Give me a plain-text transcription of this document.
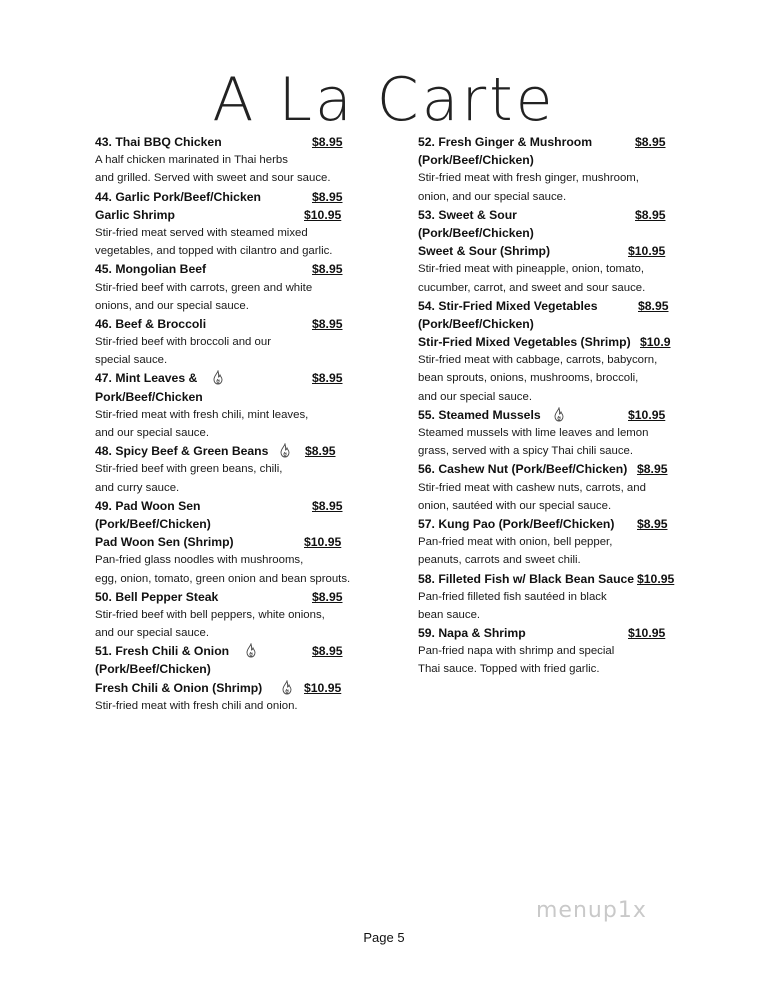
A La Carte
43. Thai BBQ Chicken	$8.95
A half chicken marinated in Thai herbs
and grilled. Served with sweet and sour sauce.
44. Garlic Pork/Beef/Chicken	$8.95
Garlic Shrimp	$10.95
Stir-fried meat served with steamed mixed
vegetables, and topped with cilantro and garlic.
45. Mongolian Beef	$8.95
Stir-fried beef with carrots, green and white
onions, and our special sauce.
46. Beef & Broccoli	$8.95
Stir-fried beef with broccoli and our
special sauce.
47. Mint Leaves &	$8.95
Pork/Beef/Chicken
Stir-fried meat with fresh chili, mint leaves,
and our special sauce.
48. Spicy Beef & Green Beans	$8.95
Stir-fried beef with green beans, chili,
and curry sauce.
49. Pad Woon Sen	$8.95
(Pork/Beef/Chicken)
Pad Woon Sen (Shrimp)	$10.95
Pan-fried glass noodles with mushrooms,
egg, onion, tomato, green onion and bean sprouts.
50. Bell Pepper Steak	$8.95
Stir-fried beef with bell peppers, white onions,
and our special sauce.
51. Fresh Chili & Onion	$8.95
(Pork/Beef/Chicken)
Fresh Chili & Onion (Shrimp)	$10.95
Stir-fried meat with fresh chili and onion.
52. Fresh Ginger & Mushroom	$8.95
(Pork/Beef/Chicken)
Stir-fried meat with fresh ginger, mushroom,
onion, and our special sauce.
53. Sweet & Sour	$8.95
(Pork/Beef/Chicken)
Sweet & Sour (Shrimp)	$10.95
Stir-fried meat with pineapple, onion, tomato,
cucumber, carrot, and sweet and sour sauce.
54. Stir-Fried Mixed Vegetables	$8.95
(Pork/Beef/Chicken)
Stir-Fried Mixed Vegetables (Shrimp) $10.9
Stir-fried meat with cabbage, carrots, babycorn,
bean sprouts, onions, mushrooms, broccoli,
and our special sauce.
55. Steamed Mussels	$10.95
Steamed mussels with lime leaves and lemon
grass, served with a spicy Thai chili sauce.
56. Cashew Nut (Pork/Beef/Chicken) $8.95
Stir-fried meat with cashew nuts, carrots, and
onion, sautéed with our special sauce.
57. Kung Pao (Pork/Beef/Chicken) $8.95
Pan-fried meat with onion, bell pepper,
peanuts, carrots and sweet chili.
58. Filleted Fish w/ Black Bean Sauce $10.95
Pan-fried filleted fish sautéed in black
bean sauce.
59. Napa & Shrimp	$10.95
Pan-fried napa with shrimp and special
Thai sauce. Topped with fried garlic.
menup1x
Page 5
